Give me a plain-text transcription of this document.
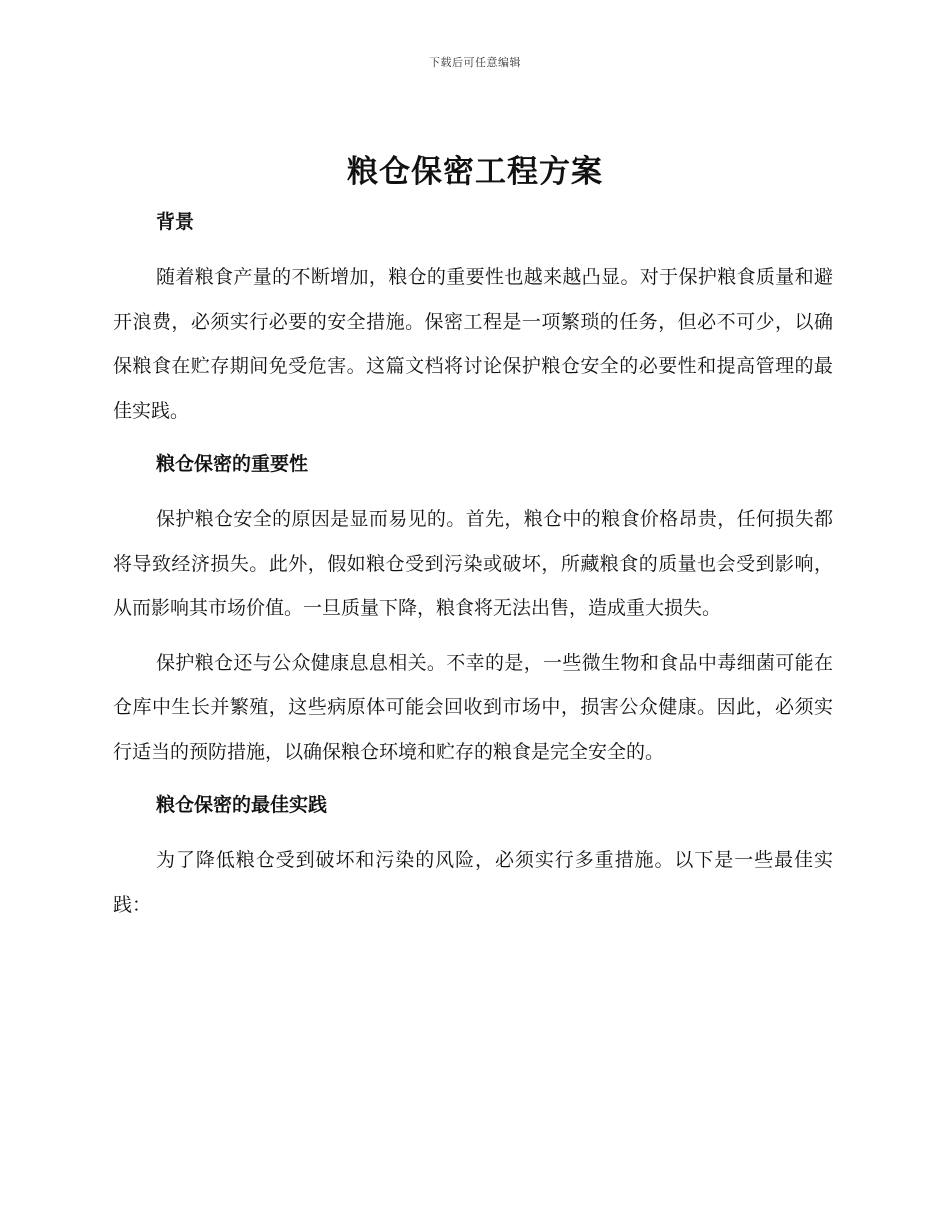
下载后可任意编辑
粮仓保密工程方案
背景

随着粮食产量的不断增加，粮仓的重要性也越来越凸显。对于保护粮食质量和避开浪费，必须实行必要的安全措施。保密工程是一项繁琐的任务，但必不可少，以确保粮食在贮存期间免受危害。这篇文档将讨论保护粮仓安全的必要性和提高管理的最佳实践。

粮仓保密的重要性

保护粮仓安全的原因是显而易见的。首先，粮仓中的粮食价格昂贵，任何损失都将导致经济损失。此外，假如粮仓受到污染或破坏，所藏粮食的质量也会受到影响，从而影响其市场价值。一旦质量下降，粮食将无法出售，造成重大损失。

保护粮仓还与公众健康息息相关。不幸的是，一些微生物和食品中毒细菌可能在仓库中生长并繁殖，这些病原体可能会回收到市场中，损害公众健康。因此，必须实行适当的预防措施，以确保粮仓环境和贮存的粮食是完全安全的。

粮仓保密的最佳实践

为了降低粮仓受到破坏和污染的风险，必须实行多重措施。以下是一些最佳实践：
